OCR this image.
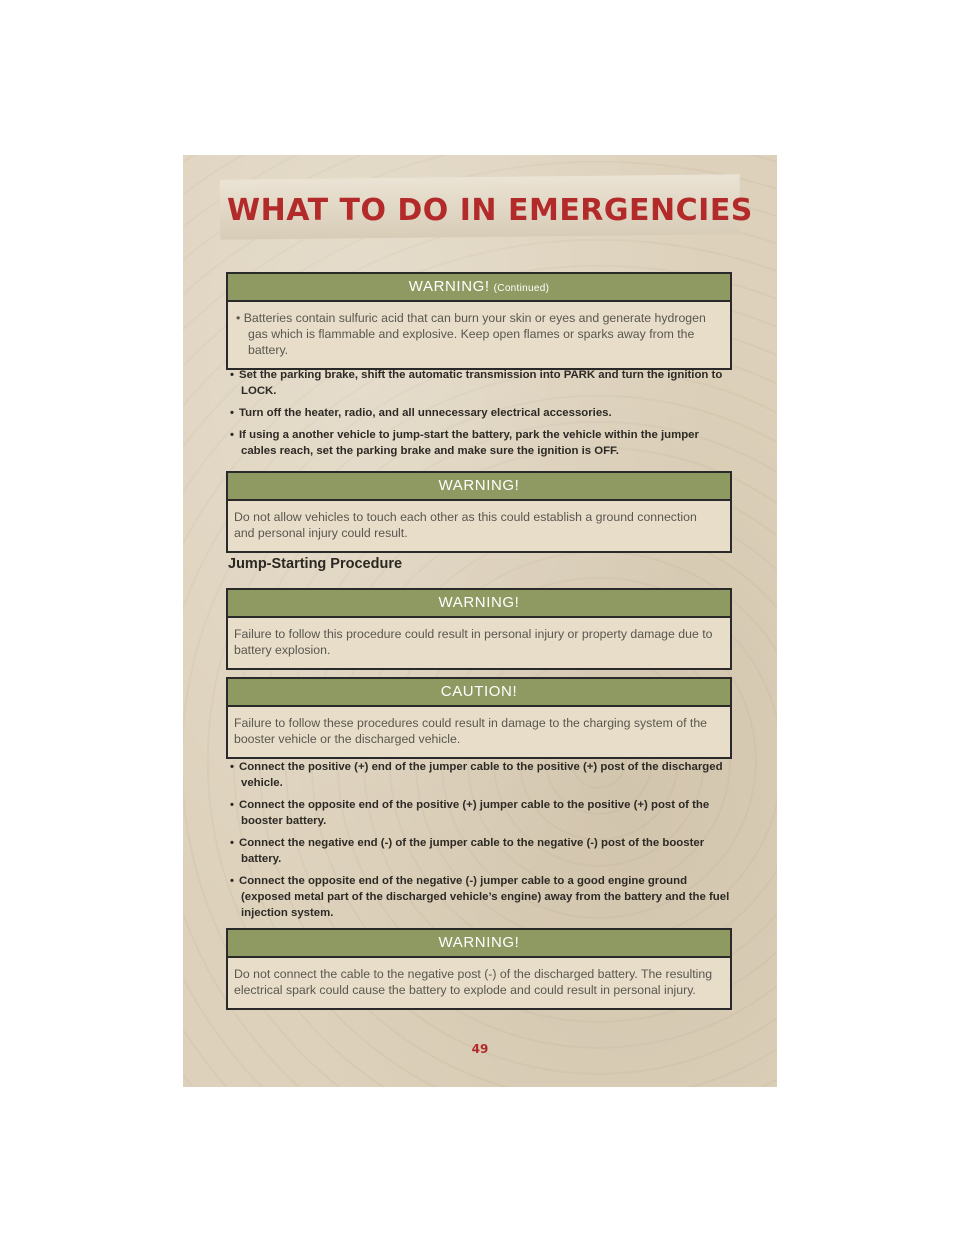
WHAT TO DO IN EMERGENCIES
WARNING! (Continued)
• Batteries contain sulfuric acid that can burn your skin or eyes and generate hydrogen gas which is flammable and explosive. Keep open flames or sparks away from the battery.
• Set the parking brake, shift the automatic transmission into PARK and turn the ignition to LOCK.
• Turn off the heater, radio, and all unnecessary electrical accessories.
• If using a another vehicle to jump-start the battery, park the vehicle within the jumper cables reach, set the parking brake and make sure the ignition is OFF.
WARNING!
Do not allow vehicles to touch each other as this could establish a ground connection and personal injury could result.
Jump-Starting Procedure
WARNING!
Failure to follow this procedure could result in personal injury or property damage due to battery explosion.
CAUTION!
Failure to follow these procedures could result in damage to the charging system of the booster vehicle or the discharged vehicle.
• Connect the positive (+) end of the jumper cable to the positive (+) post of the discharged vehicle.
• Connect the opposite end of the positive (+) jumper cable to the positive (+) post of the booster battery.
• Connect the negative end (-) of the jumper cable to the negative (-) post of the booster battery.
• Connect the opposite end of the negative (-) jumper cable to a good engine ground (exposed metal part of the discharged vehicle’s engine) away from the battery and the fuel injection system.
WARNING!
Do not connect the cable to the negative post (-) of the discharged battery. The resulting electrical spark could cause the battery to explode and could result in personal injury.
49
